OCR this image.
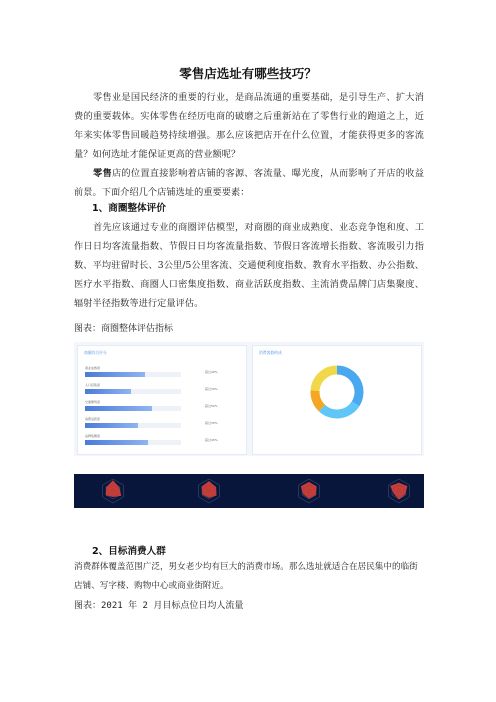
零售店选址有哪些技巧？
零售业是国民经济的重要的行业，是商品流通的重要基础，是引导生产、扩大消费的重要载体。实体零售在经历电商的破磨之后重新站在了零售行业的跑道之上，近年来实体零售回暖趋势持续增强。那么应该把店开在什么位置，才能获得更多的客流量？如何选址才能保证更高的营业额呢？
零售店的位置直接影响着店铺的客源、客流量、曝光度，从而影响了开店的收益前景。下面介绍几个店铺选址的重要要素：
1、商圈整体评价
首先应该通过专业的商圈评估模型，对商圈的商业成熟度、业态竞争饱和度、工作日日均客流量指数、节假日日均客流量指数、节假日客流增长指数、客流吸引力指数、平均驻留时长、3公里/5公里客流、交通便利度指数、教育水平指数、办公指数、医疗水平指数、商圈人口密集度指数、商业活跃度指数、主流消费品牌门店集聚度、辐射半径指数等进行定量评估。
图表：商圈整体评估指标
商圈综合评分
商业成熟度
超过40%
人口密集度
超过30%
交通便利度
超过50%
消费活跃度
超过35%
品牌集聚度
超过45%
消费客群构成
2、目标消费人群
消费群体覆盖范围广泛，男女老少均有巨大的消费市场。那么选址就适合在居民集中的临街店铺、写字楼、购物中心或商业街附近。
图表：2021 年 2 月目标点位日均人流量
